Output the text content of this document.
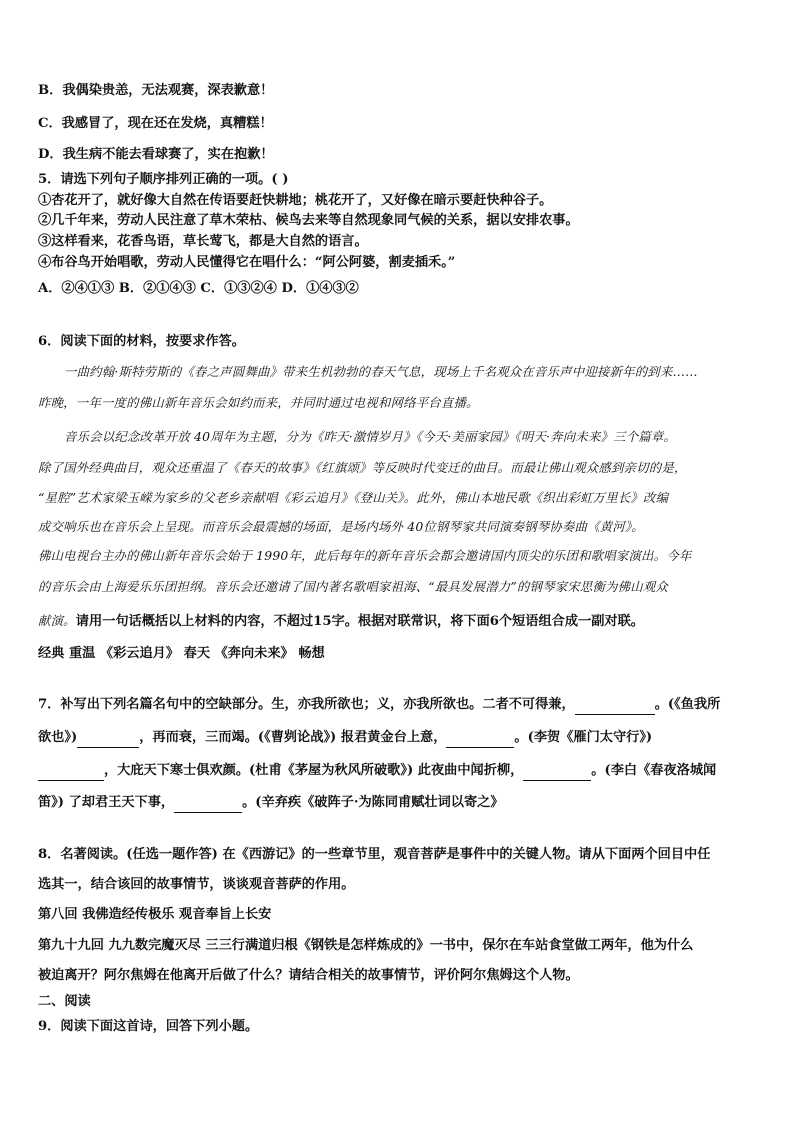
B．我偶染贵恙，无法观赛，深表歉意！
C．我感冒了，现在还在发烧，真糟糕！
D．我生病不能去看球赛了，实在抱歉！
5．请选下列句子顺序排列正确的一项。( )
①杏花开了，就好像大自然在传语要赶快耕地；桃花开了，又好像在暗示要赶快种谷子。
②几千年来，劳动人民注意了草木荣枯、候鸟去来等自然现象同气候的关系，据以安排农事。
③这样看来，花香鸟语，草长莺飞，都是大自然的语言。
④布谷鸟开始唱歌，劳动人民懂得它在唱什么：“阿公阿婆，割麦插禾。”
A．②④①③ B．②①④③ C．①③②④ D．①④③②
6．阅读下面的材料，按要求作答。
一曲约翰·斯特劳斯的《春之声圆舞曲》带来生机勃勃的春天气息，现场上千名观众在音乐声中迎接新年的到来……
昨晚，一年一度的佛山新年音乐会如约而来，并同时通过电视和网络平台直播。
音乐会以纪念改革开放 40周年为主题，分为《昨天·激情岁月》《今天·美丽家园》《明天·奔向未来》三个篇章。
除了国外经典曲目，观众还重温了《春天的故事》《红旗颂》等反映时代变迁的曲目。而最让佛山观众感到亲切的是，
“星腔”艺术家梁玉嵘为家乡的父老乡亲献唱《彩云追月》《登山关》。此外，佛山本地民歌《织出彩虹万里长》改编
成交响乐也在音乐会上呈现。而音乐会最震撼的场面，是场内场外 40位钢琴家共同演奏钢琴协奏曲《黄河》。
佛山电视台主办的佛山新年音乐会始于 1990年，此后每年的新年音乐会都会邀请国内顶尖的乐团和歌唱家演出。今年
的音乐会由上海爱乐乐团担纲。音乐会还邀请了国内著名歌唱家祖海、“最具发展潜力”的钢琴家宋思衡为佛山观众
献演。请用一句话概括以上材料的内容，不超过15字。根据对联常识，将下面6个短语组合成一副对联。
经典 重温 《彩云追月》 春天 《奔向未来》 畅想
7．补写出下列名篇名句中的空缺部分。生，亦我所欲也；义，亦我所欲也。二者不可得兼，	。(《鱼我所
欲也》)	，再而衰，三而竭。(《曹刿论战》) 报君黄金台上意，	。(李贺《雁门太守行》)
，大庇天下寒士俱欢颜。(杜甫《茅屋为秋风所破歌》) 此夜曲中闻折柳，	。(李白《春夜洛城闻
笛》) 了却君王天下事，	。(辛弃疾《破阵子·为陈同甫赋壮词以寄之》
8．名著阅读。(任选一题作答) 在《西游记》的一些章节里，观音菩萨是事件中的关键人物。请从下面两个回目中任
选其一，结合该回的故事情节，谈谈观音菩萨的作用。
第八回 我佛造经传极乐 观音奉旨上长安
第九十九回 九九数完魔灭尽 三三行满道归根《钢铁是怎样炼成的》一书中，保尔在车站食堂做工两年，他为什么
被迫离开？阿尔焦姆在他离开后做了什么？请结合相关的故事情节，评价阿尔焦姆这个人物。
二、阅读
9．阅读下面这首诗，回答下列小题。
